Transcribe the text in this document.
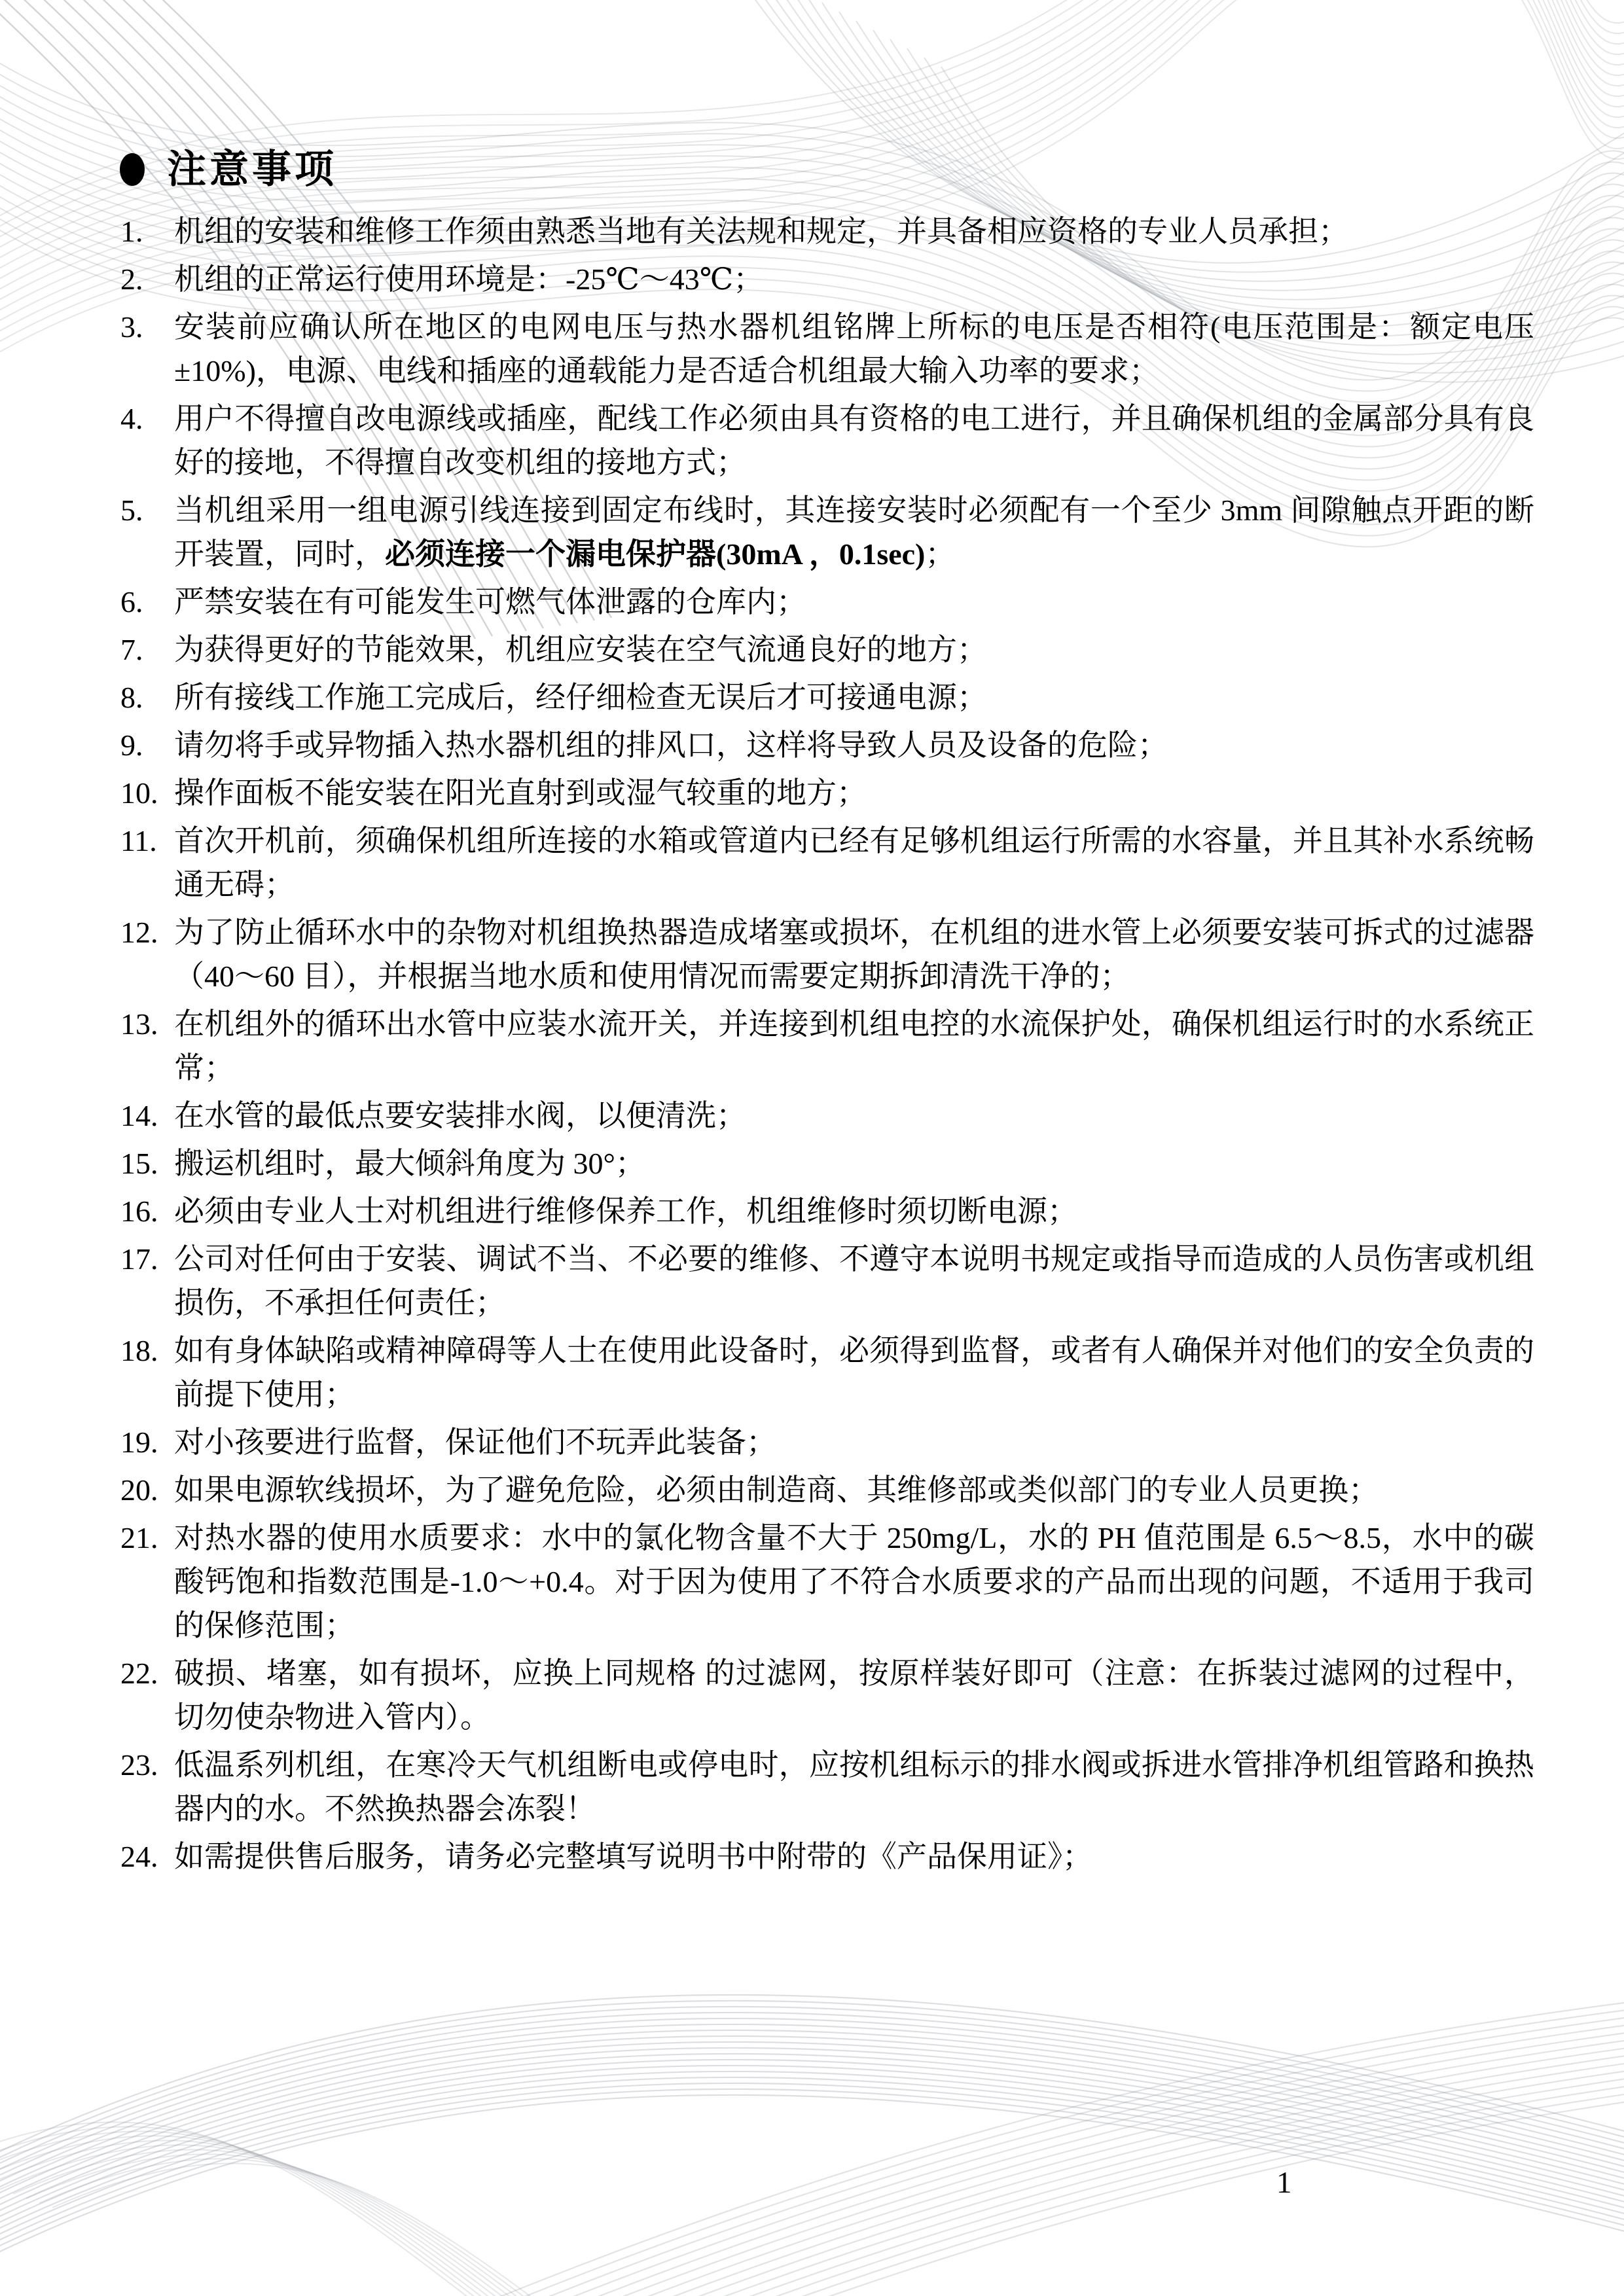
注意事项
1.	机组的安装和维修工作须由熟悉当地有关法规和规定，并具备相应资格的专业人员承担；
2.	机组的正常运行使用环境是：-25℃～43℃；
3.	安装前应确认所在地区的电网电压与热水器机组铭牌上所标的电压是否相符(电压范围是：额定电压±10%)，电源、电线和插座的通载能力是否适合机组最大输入功率的要求；
4.	用户不得擅自改电源线或插座，配线工作必须由具有资格的电工进行，并且确保机组的金属部分具有良好的接地，不得擅自改变机组的接地方式；
5.	当机组采用一组电源引线连接到固定布线时，其连接安装时必须配有一个至少 3mm 间隙触点开距的断开装置，同时，必须连接一个漏电保护器(30mA ，0.1sec)；
6.	严禁安装在有可能发生可燃气体泄露的仓库内；
7.	为获得更好的节能效果，机组应安装在空气流通良好的地方；
8.	所有接线工作施工完成后，经仔细检查无误后才可接通电源；
9.	请勿将手或异物插入热水器机组的排风口，这样将导致人员及设备的危险；
10. 操作面板不能安装在阳光直射到或湿气较重的地方；
11. 首次开机前，须确保机组所连接的水箱或管道内已经有足够机组运行所需的水容量，并且其补水系统畅通无碍；
12. 为了防止循环水中的杂物对机组换热器造成堵塞或损坏，在机组的进水管上必须要安装可拆式的过滤器（40～60 目），并根据当地水质和使用情况而需要定期拆卸清洗干净的；
13. 在机组外的循环出水管中应装水流开关，并连接到机组电控的水流保护处，确保机组运行时的水系统正常；
14. 在水管的最低点要安装排水阀，以便清洗；
15. 搬运机组时，最大倾斜角度为 30°；
16. 必须由专业人士对机组进行维修保养工作，机组维修时须切断电源；
17. 公司对任何由于安装、调试不当、不必要的维修、不遵守本说明书规定或指导而造成的人员伤害或机组损伤，不承担任何责任；
18. 如有身体缺陷或精神障碍等人士在使用此设备时，必须得到监督，或者有人确保并对他们的安全负责的前提下使用；
19. 对小孩要进行监督，保证他们不玩弄此装备；
20. 如果电源软线损坏，为了避免危险，必须由制造商、其维修部或类似部门的专业人员更换；
21. 对热水器的使用水质要求：水中的氯化物含量不大于 250mg/L，水的 PH 值范围是 6.5～8.5，水中的碳酸钙饱和指数范围是-1.0～+0.4。对于因为使用了不符合水质要求的产品而出现的问题，不适用于我司的保修范围；
22. 破损、堵塞，如有损坏，应换上同规格 的过滤网，按原样装好即可（注意：在拆装过滤网的过程中，切勿使杂物进入管内）。
23. 低温系列机组，在寒冷天气机组断电或停电时，应按机组标示的排水阀或拆进水管排净机组管路和换热器内的水。不然换热器会冻裂！
24. 如需提供售后服务，请务必完整填写说明书中附带的《产品保用证》；
1
